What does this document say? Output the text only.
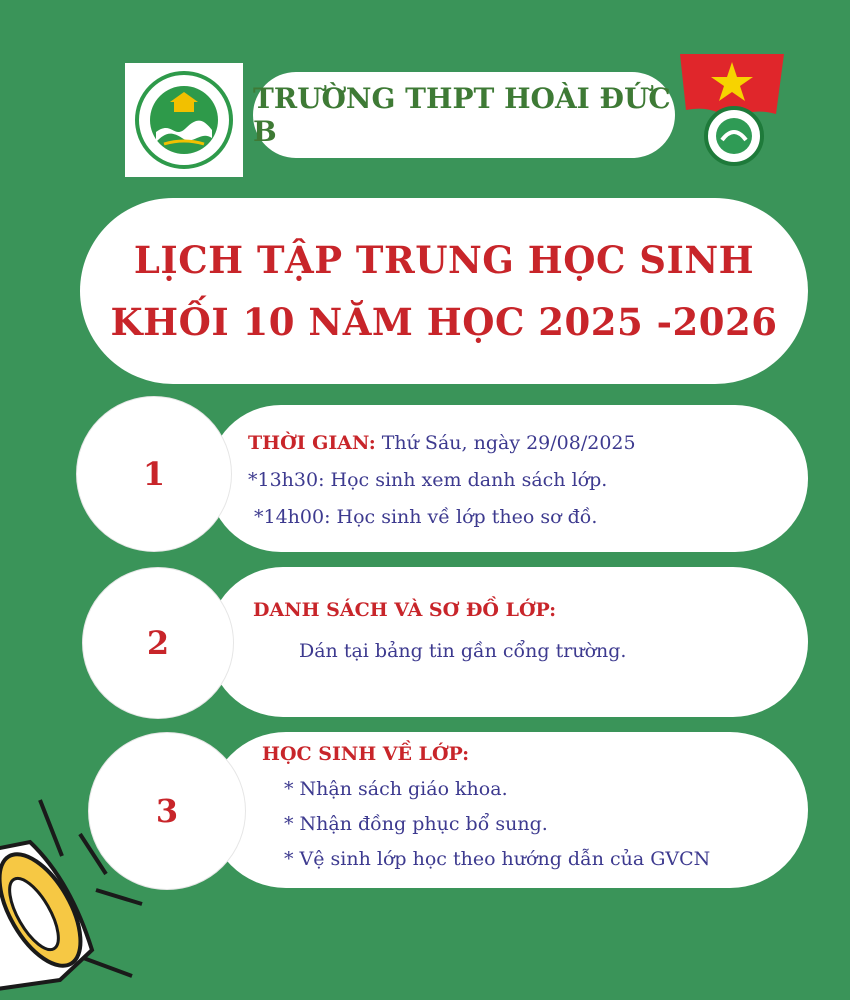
TRƯỜNG THPT HOÀI ĐỨC B
LỊCH TẬP TRUNG HỌC SINH
KHỐI 10 NĂM HỌC 2025 -2026
1
THỜI GIAN: Thứ Sáu, ngày 29/08/2025
*13h30: Học sinh xem danh sách lớp.
*14h00: Học sinh về lớp theo sơ đồ.
2
DANH SÁCH VÀ SƠ ĐỒ LỚP:
Dán tại bảng tin gần cổng trường.
3
HỌC SINH VỀ LỚP:
* Nhận sách giáo khoa.
* Nhận đồng phục bổ sung.
* Vệ sinh lớp học theo hướng dẫn của GVCN
